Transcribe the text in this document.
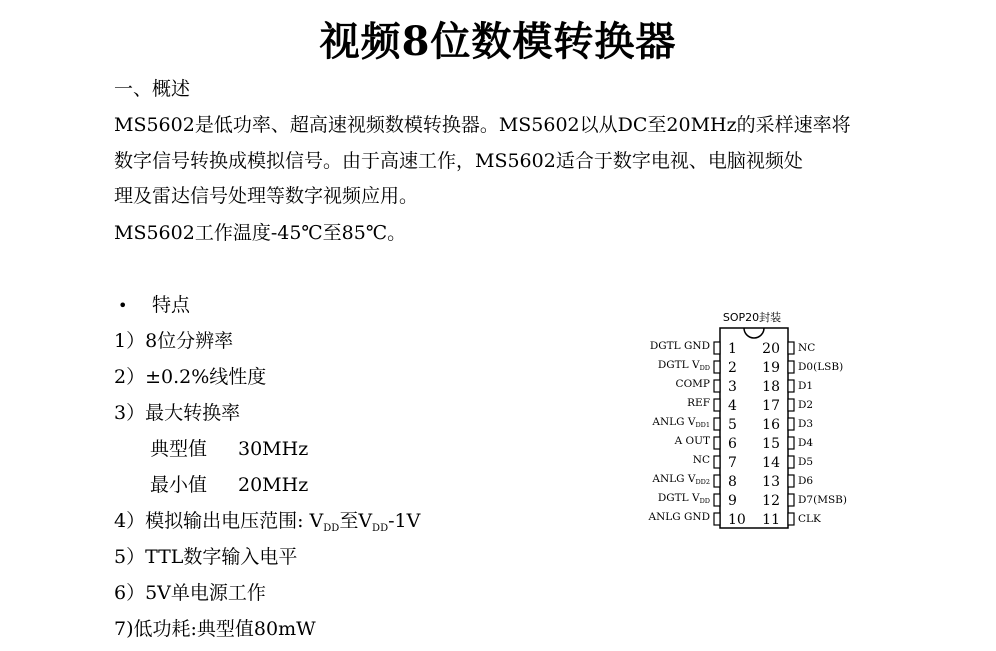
视频8位数模转换器
一、概述
MS5602是低功率、超高速视频数模转换器。MS5602以从DC至20MHz的采样速率将
数字信号转换成模拟信号。由于高速工作，MS5602适合于数字电视、电脑视频处
理及雷达信号处理等数字视频应用。
MS5602工作温度-45℃至85℃。
• 特点
1）8位分辨率
2）±0.2%线性度
3）最大转换率
典型值 30MHz
最小值 20MHz
4）模拟输出电压范围: $V_{DD}$至$V_{DD}-1V$
5）TTL数字输入电平
6）5V单电源工作
7)低功耗:典型值80mW
SOP20封装
1
DGTL GND
2
DGTL VDD
3
COMP
4
REF
5
ANLG VDD1
6
A OUT
7
NC
8
ANLG VDD2
9
DGTL VDD
10
ANLG GND
20 NC
19 D0(LSB)
18 D1
17 D2
16 D3
15 D4
14 D5
13 D6
12 D7(MSB)
11 CLK
